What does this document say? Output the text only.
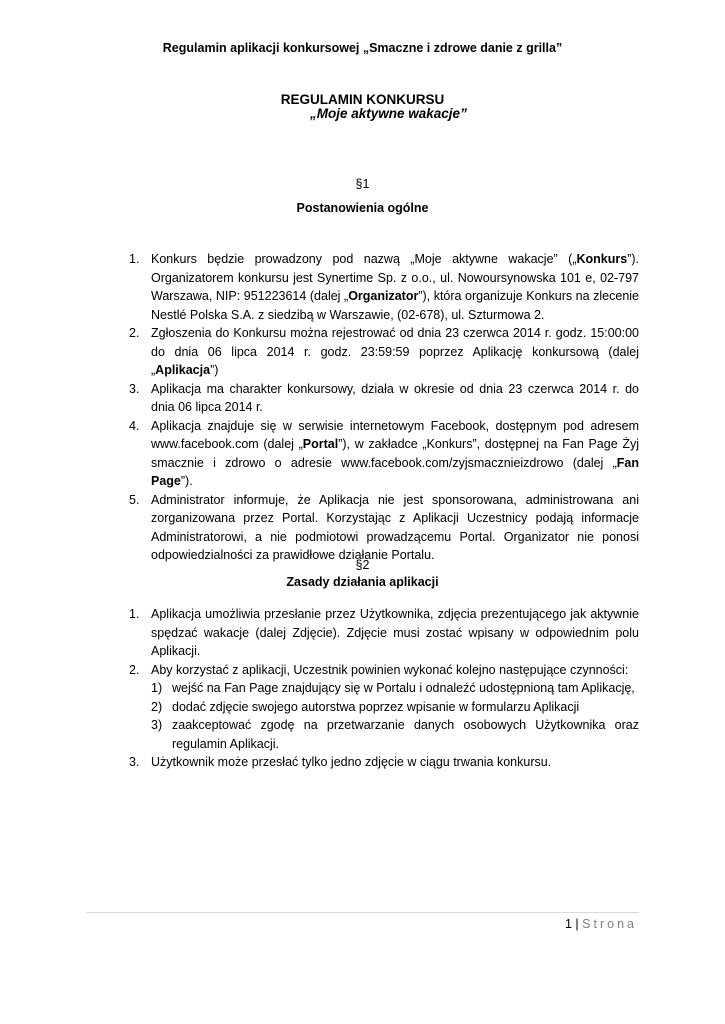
Regulamin aplikacji konkursowej „Smaczne i zdrowe danie z grilla”
REGULAMIN KONKURSU
„Moje aktywne wakacje”
§1
Postanowienia ogólne
1. Konkurs będzie prowadzony pod nazwą „Moje aktywne wakacje” („Konkurs”). Organizatorem konkursu jest Synertime Sp. z o.o., ul. Nowoursynowska 101 e, 02-797 Warszawa, NIP: 951223614 (dalej „Organizator”), która organizuje Konkurs na zlecenie Nestlé Polska S.A. z siedzibą w Warszawie, (02-678), ul. Szturmowa 2.
2. Zgłoszenia do Konkursu można rejestrować od dnia 23 czerwca 2014 r. godz. 15:00:00 do dnia 06 lipca 2014 r. godz. 23:59:59 poprzez Aplikację konkursową (dalej „Aplikacja”)
3. Aplikacja ma charakter konkursowy, działa w okresie od dnia 23 czerwca 2014 r. do dnia 06 lipca 2014 r.
4. Aplikacja znajduje się w serwisie internetowym Facebook, dostępnym pod adresem www.facebook.com (dalej „Portal”), w zakładce „Konkurs”, dostępnej na Fan Page Żyj smacznie i zdrowo o adresie www.facebook.com/zyjsmacznieizdrowo (dalej „Fan Page”).
5. Administrator informuje, że Aplikacja nie jest sponsorowana, administrowana ani zorganizowana przez Portal. Korzystając z Aplikacji Uczestnicy podają informacje Administratorowi, a nie podmiotowi prowadzącemu Portal. Organizator nie ponosi odpowiedzialności za prawidłowe działanie Portalu.
§2
Zasady działania aplikacji
1. Aplikacja umożliwia przesłanie przez Użytkownika, zdjęcia prezentującego jak aktywnie spędzać wakacje (dalej Zdjęcie). Zdjęcie musi zostać wpisany w odpowiednim polu Aplikacji.
2. Aby korzystać z aplikacji, Uczestnik powinien wykonać kolejno następujące czynności:
1) wejść na Fan Page znajdujący się w Portalu i odnaleźć udostępnioną tam Aplikację,
2) dodać zdjęcie swojego autorstwa poprzez wpisanie w formularzu Aplikacji
3) zaakceptować zgodę na przetwarzanie danych osobowych Użytkownika oraz regulamin Aplikacji.
3. Użytkownik może przesłać tylko jedno zdjęcie w ciągu trwania konkursu.
1 | Strona
